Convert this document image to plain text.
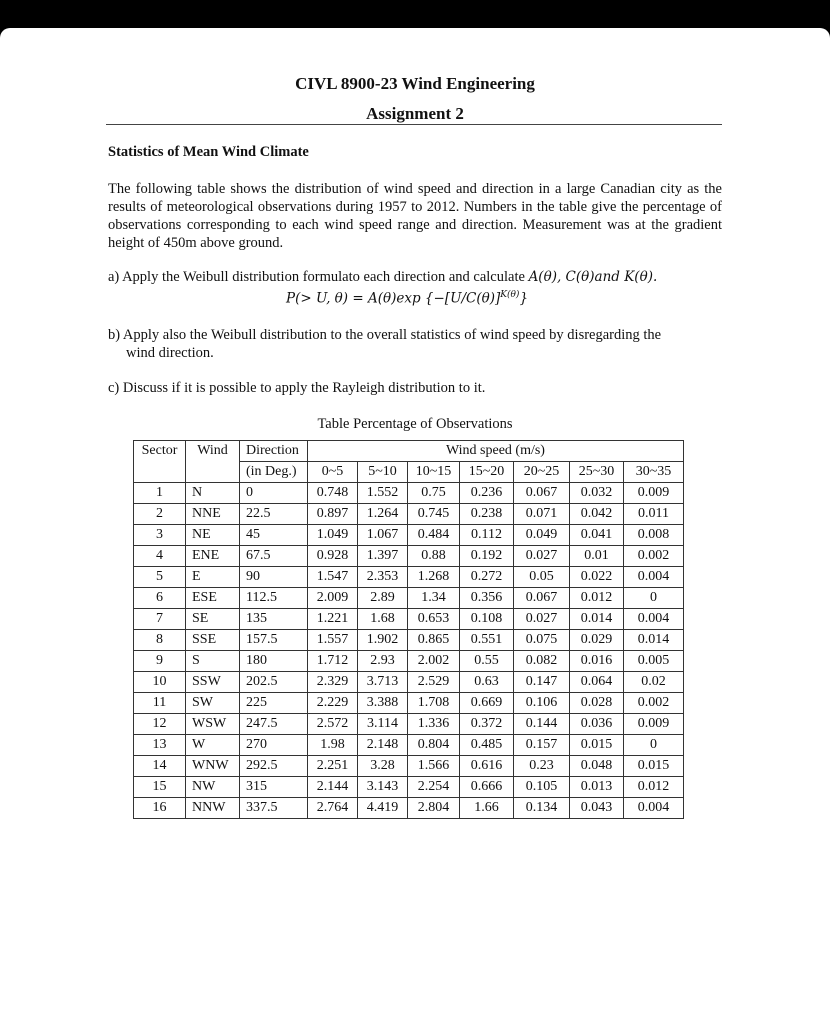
CIVL 8900-23 Wind Engineering
Assignment 2
Statistics of Mean Wind Climate
The following table shows the distribution of wind speed and direction in a large Canadian city as the results of meteorological observations during 1957 to 2012. Numbers in the table give the percentage of observations corresponding to each wind speed range and direction. Measurement was at the gradient height of 450m above ground.
a) Apply the Weibull distribution formulato each direction and calculate A(θ), C(θ)and K(θ).
P(> U, θ) = A(θ)exp $\{-[U/C(\theta)]^{K(\theta)}\}$
b) Apply also the Weibull distribution to the overall statistics of wind speed by disregarding the
wind direction.
c) Discuss if it is possible to apply the Rayleigh distribution to it.
Table Percentage of Observations
Sector	Wind	Direction	Wind speed (m/s)						
		(in Deg.)	0~5	5~10	10~15	15~20	20~25	25~30	30~35
1	N	0	0.748	1.552	0.75	0.236	0.067	0.032	0.009
2	NNE	22.5	0.897	1.264	0.745	0.238	0.071	0.042	0.011
3	NE	45	1.049	1.067	0.484	0.112	0.049	0.041	0.008
4	ENE	67.5	0.928	1.397	0.88	0.192	0.027	0.01	0.002
5	E	90	1.547	2.353	1.268	0.272	0.05	0.022	0.004
6	ESE	112.5	2.009	2.89	1.34	0.356	0.067	0.012	0
7	SE	135	1.221	1.68	0.653	0.108	0.027	0.014	0.004
8	SSE	157.5	1.557	1.902	0.865	0.551	0.075	0.029	0.014
9	S	180	1.712	2.93	2.002	0.55	0.082	0.016	0.005
10	SSW	202.5	2.329	3.713	2.529	0.63	0.147	0.064	0.02
11	SW	225	2.229	3.388	1.708	0.669	0.106	0.028	0.002
12	WSW	247.5	2.572	3.114	1.336	0.372	0.144	0.036	0.009
13	W	270	1.98	2.148	0.804	0.485	0.157	0.015	0
14	WNW	292.5	2.251	3.28	1.566	0.616	0.23	0.048	0.015
15	NW	315	2.144	3.143	2.254	0.666	0.105	0.013	0.012
16	NNW	337.5	2.764	4.419	2.804	1.66	0.134	0.043	0.004
